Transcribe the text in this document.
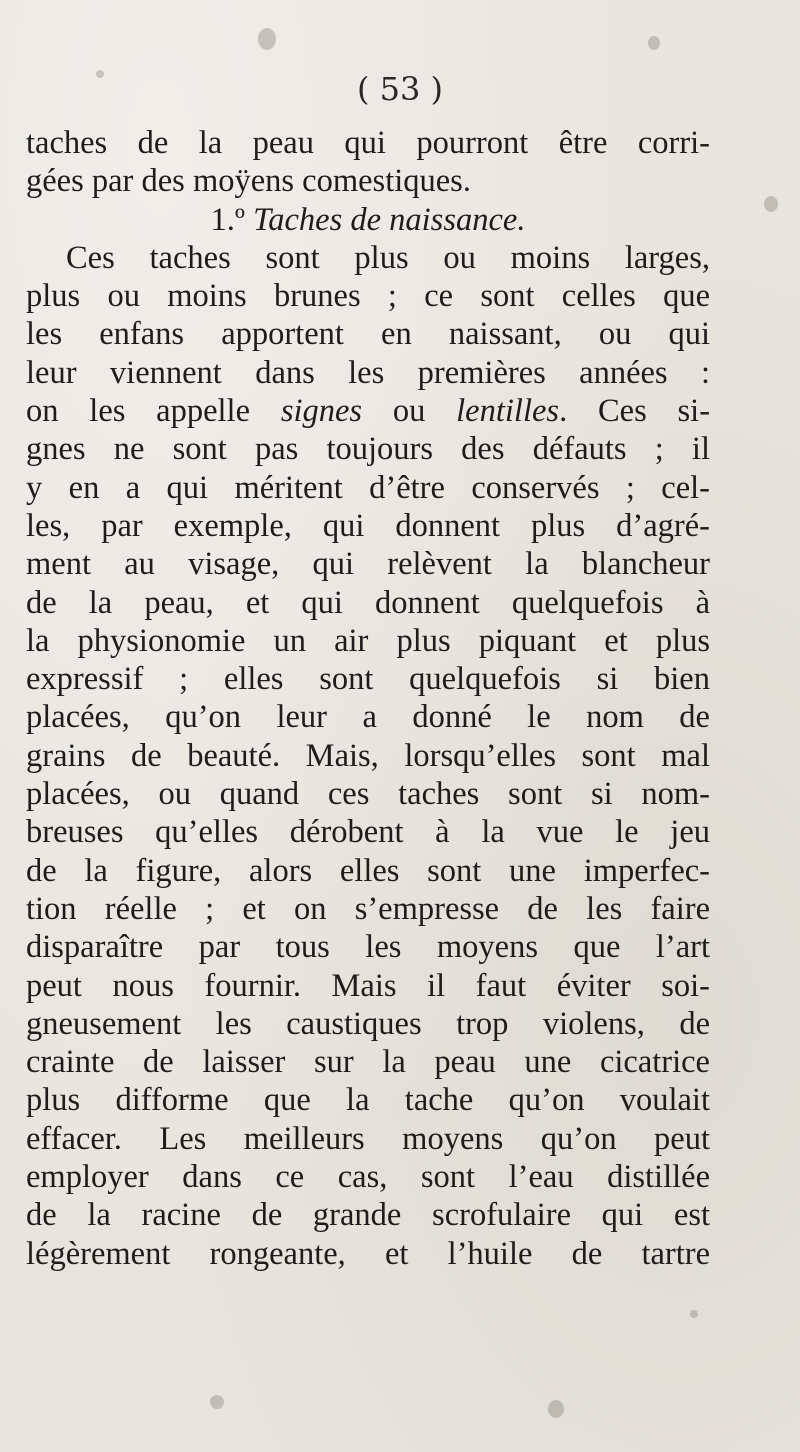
( 53 )
taches de la peau qui pourront être corri-
gées par des moÿens comestiques.
1.º Taches de naissance.
Ces taches sont plus ou moins larges,
plus ou moins brunes ; ce sont celles que
les enfans apportent en naissant, ou qui
leur viennent dans les premières années :
on les appelle signes ou lentilles. Ces si-
gnes ne sont pas toujours des défauts ; il
y en a qui méritent d’être conservés ; cel-
les, par exemple, qui donnent plus d’agré-
ment au visage, qui relèvent la blancheur
de la peau, et qui donnent quelquefois à
la physionomie un air plus piquant et plus
expressif ; elles sont quelquefois si bien
placées, qu’on leur a donné le nom de
grains de beauté. Mais, lorsqu’elles sont mal
placées, ou quand ces taches sont si nom-
breuses qu’elles dérobent à la vue le jeu
de la figure, alors elles sont une imperfec-
tion réelle ; et on s’empresse de les faire
disparaître par tous les moyens que l’art
peut nous fournir. Mais il faut éviter soi-
gneusement les caustiques trop violens, de
crainte de laisser sur la peau une cicatrice
plus difforme que la tache qu’on voulait
effacer. Les meilleurs moyens qu’on peut
employer dans ce cas, sont l’eau distillée
de la racine de grande scrofulaire qui est
légèrement rongeante, et l’huile de tartre
